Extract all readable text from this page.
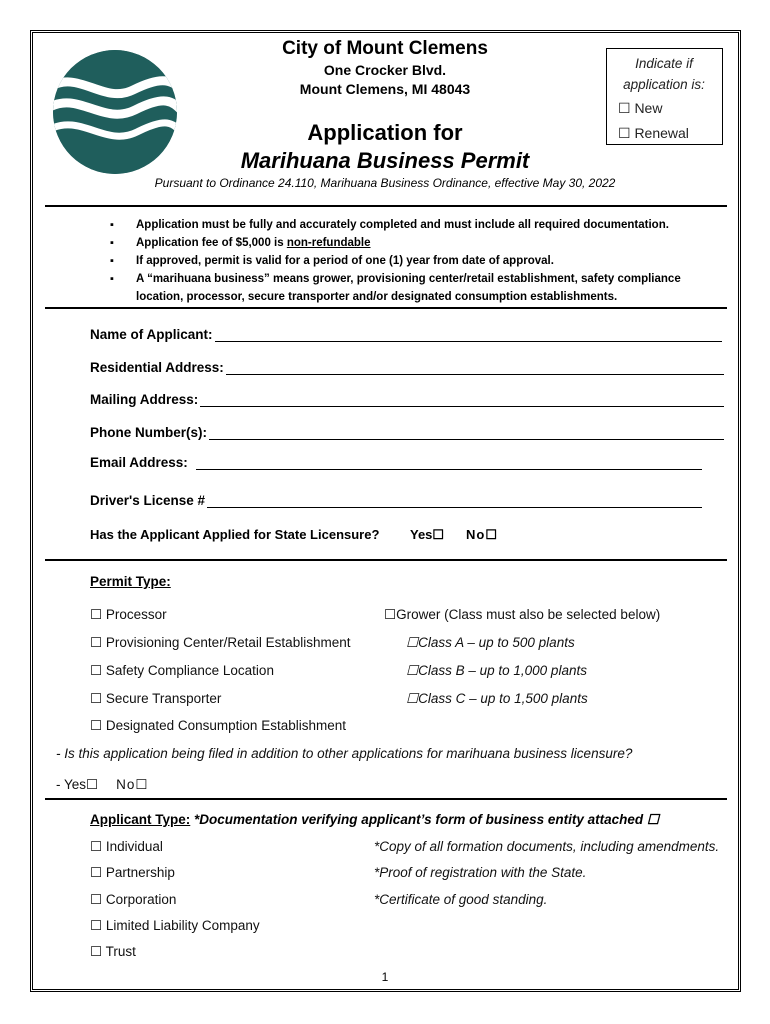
City of Mount Clemens
One Crocker Blvd.
Mount Clemens, MI 48043
Application for
Marihuana Business Permit
Pursuant to Ordinance 24.110, Marihuana Business Ordinance, effective May 30, 2022
Indicate if
application is:
☐ New
☐ Renewal
▪ Application must be fully and accurately completed and must include all required documentation.
▪ Application fee of $5,000 is non-refundable
▪ If approved, permit is valid for a period of one (1) year from date of approval.
▪ A “marihuana business” means grower, provisioning center/retail establishment, safety compliance location, processor, secure transporter and/or designated consumption establishments.
Name of Applicant:
Residential Address:
Mailing Address:
Phone Number(s):
Email Address:
Driver's License #
Has the Applicant Applied for State Licensure? Yes☐ No☐
Permit Type:
☐ Processor
☐ Provisioning Center/Retail Establishment
☐ Safety Compliance Location
☐ Secure Transporter
☐ Designated Consumption Establishment
☐Grower (Class must also be selected below)
☐Class A – up to 500 plants
☐Class B – up to 1,000 plants
☐Class C – up to 1,500 plants
- Is this application being filed in addition to other applications for marihuana business licensure?
- Yes☐ No☐
Applicant Type: *Documentation verifying applicant’s form of business entity attached ☐
☐ Individual
☐ Partnership
☐ Corporation
☐ Limited Liability Company
☐ Trust
*Copy of all formation documents, including amendments.
*Proof of registration with the State.
*Certificate of good standing.
1
